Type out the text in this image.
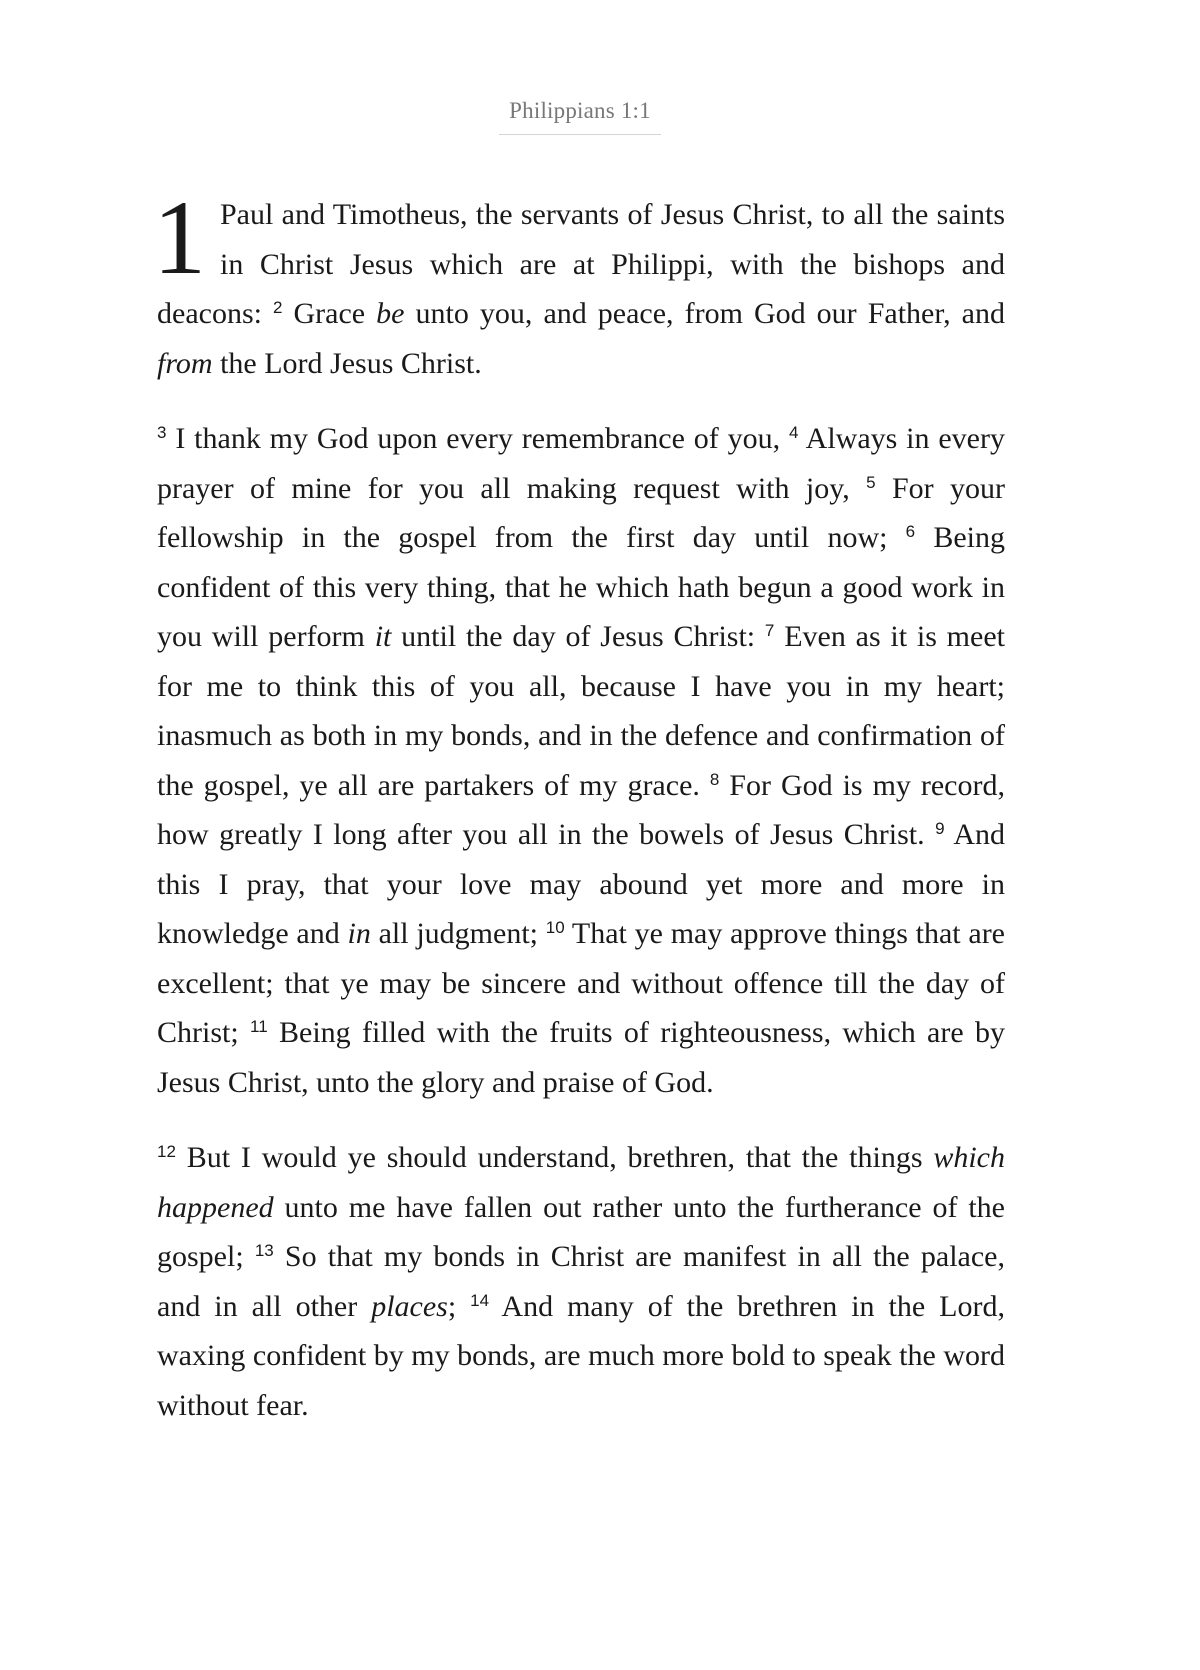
Philippians 1:1

1 Paul and Timotheus, the servants of Jesus Christ, to all the saints in Christ Jesus which are at Philippi, with the bishops and deacons: $^2$ Grace be unto you, and peace, from God our Father, and from the Lord Jesus Christ.

$^3$ I thank my God upon every remembrance of you, $^4$ Always in every prayer of mine for you all making request with joy, $^5$ For your fellowship in the gospel from the first day until now; $^6$ Being confident of this very thing, that he which hath begun a good work in you will perform it until the day of Jesus Christ: $^7$ Even as it is meet for me to think this of you all, because I have you in my heart; inasmuch as both in my bonds, and in the defence and confirmation of the gospel, ye all are partakers of my grace. $^8$ For God is my record, how greatly I long after you all in the bowels of Jesus Christ. $^9$ And this I pray, that your love may abound yet more and more in knowledge and in all judgment; $^{10}$ That ye may approve things that are excellent; that ye may be sincere and without offence till the day of Christ; $^{11}$ Being filled with the fruits of righteousness, which are by Jesus Christ, unto the glory and praise of God.

$^{12}$ But I would ye should understand, brethren, that the things which happened unto me have fallen out rather unto the furtherance of the gospel; $^{13}$ So that my bonds in Christ are manifest in all the palace, and in all other places; $^{14}$ And many of the brethren in the Lord, waxing confident by my bonds, are much more bold to speak the word without fear.
